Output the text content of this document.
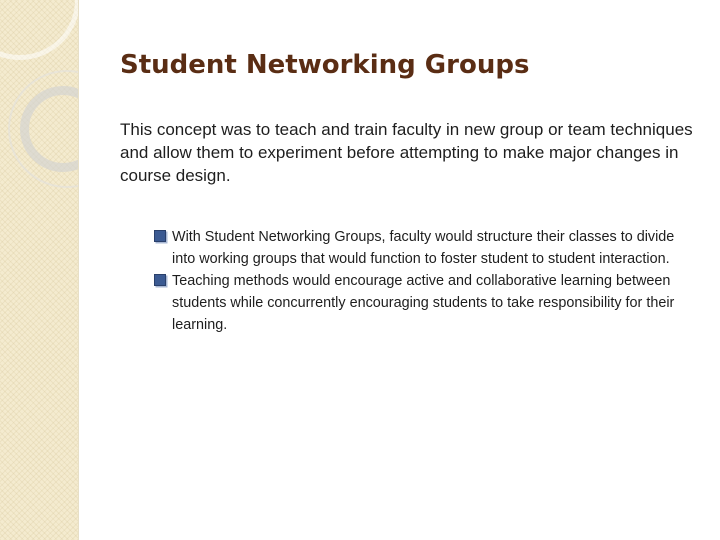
Student Networking Groups

This concept was to teach and train faculty in new group or team techniques and allow them to experiment before attempting to make major changes in course design.

With Student Networking Groups, faculty would structure their classes to divide into working groups that would function to foster student to student interaction.
Teaching methods would encourage active and collaborative learning between students while concurrently encouraging students to take responsibility for their learning.
